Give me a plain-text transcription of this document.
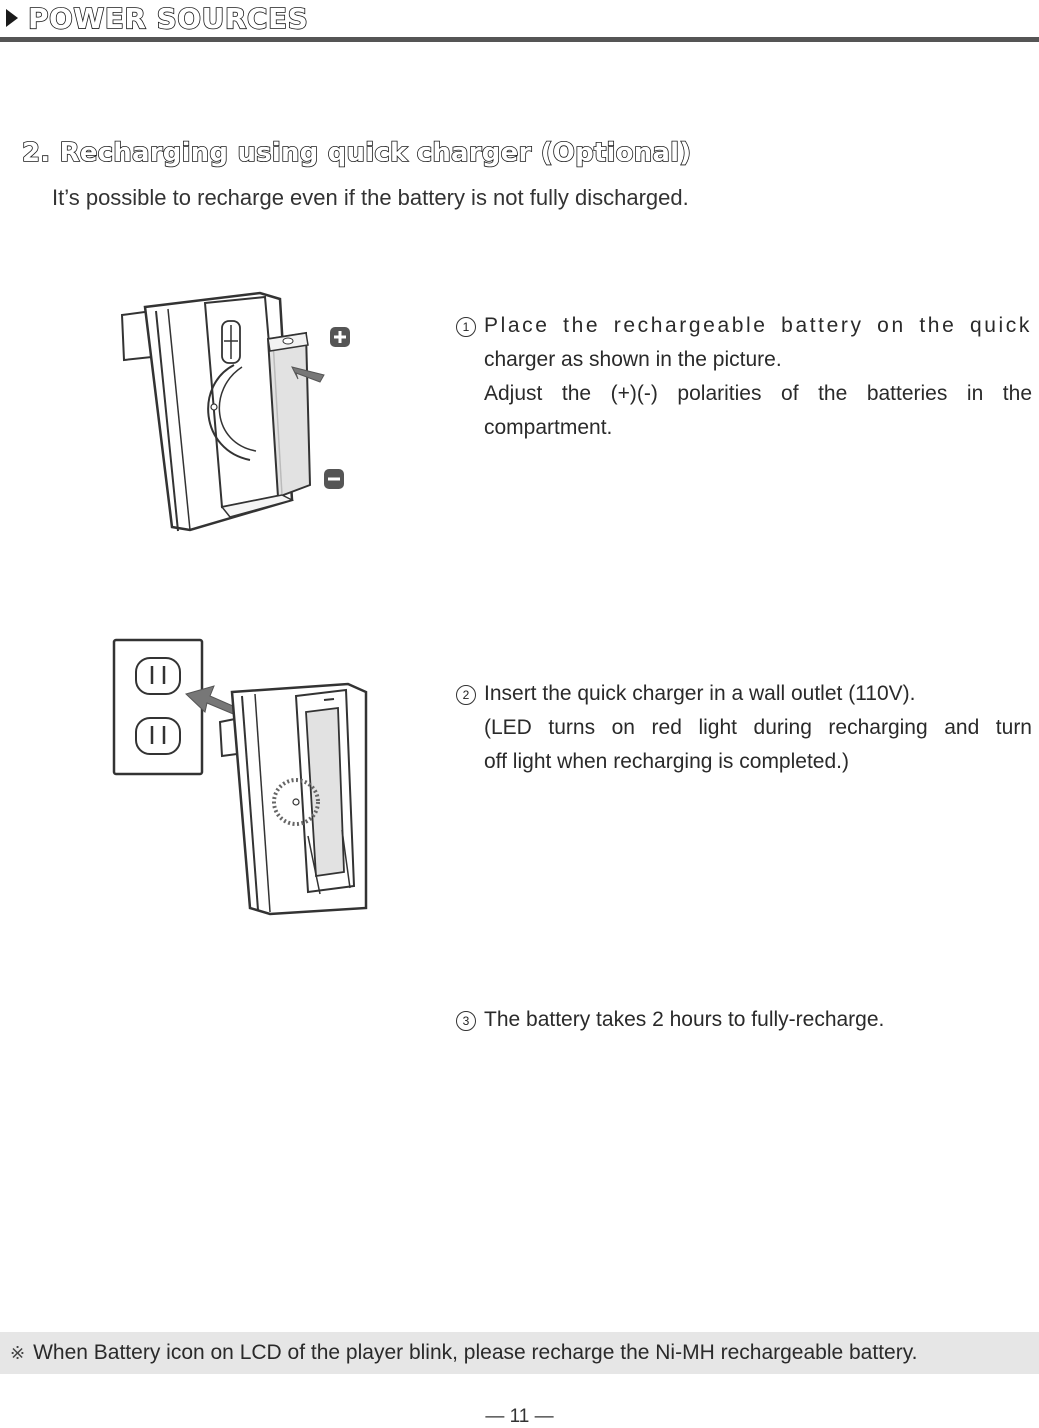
POWER SOURCES
2. Recharging using quick charger (Optional)
It’s possible to recharge even if the battery is not fully discharged.
1 Place the rechargeable battery on the quick
charger as shown in the picture.
Adjust the (+)(-) polarities of the batteries in the
compartment.
2 Insert the quick charger in a wall outlet (110V).
(LED turns on red light during recharging and turn
off light when recharging is completed.)
3 The battery takes 2 hours to fully-recharge.
※ When Battery icon on LCD of the player blink, please recharge the Ni-MH rechargeable battery.
— 11 —
